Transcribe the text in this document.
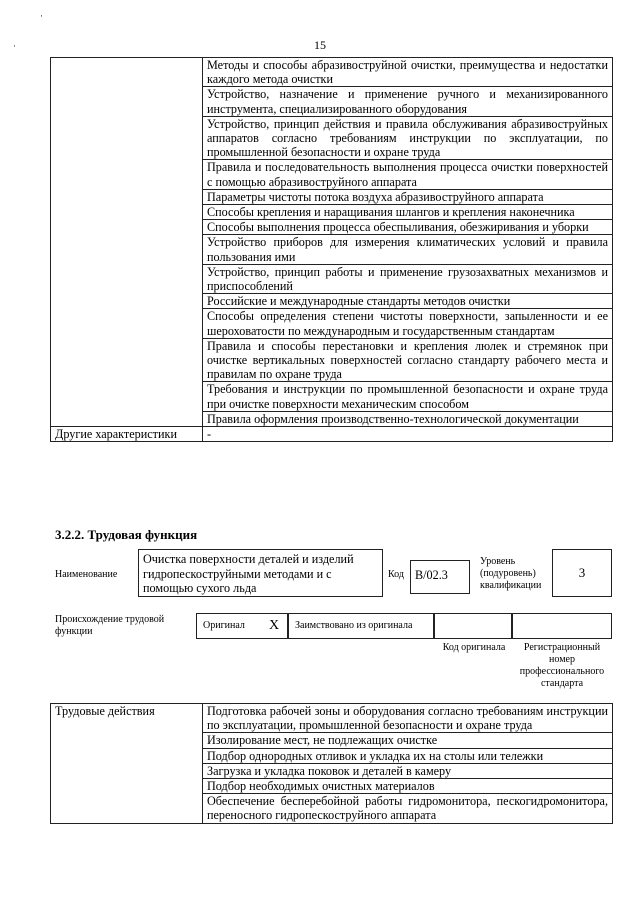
·
·	15
	Методы и способы абразивоструйной очистки, преимущества и недостатки каждого метода очистки
	Устройство, назначение и применение ручного и механизированного инструмента, специализированного оборудования
	Устройство, принцип действия и правила обслуживания абразивоструйных аппаратов согласно требованиям инструкции по эксплуатации, по промышленной безопасности и охране труда
	Правила и последовательность выполнения процесса очистки поверхностей с помощью абразивоструйного аппарата
	Параметры чистоты потока воздуха абразивоструйного аппарата
	Способы крепления и наращивания шлангов и крепления наконечника
	Способы выполнения процесса обеспыливания, обезжиривания и уборки
	Устройство приборов для измерения климатических условий и правила пользования ими
	Устройство, принцип работы и применение грузозахватных механизмов и приспособлений
	Российские и международные стандарты методов очистки
	Способы определения степени чистоты поверхности, запыленности и ее шероховатости по международным и государственным стандартам
	Правила и способы перестановки и крепления люлек и стремянок при очистке вертикальных поверхностей согласно стандарту рабочего места и правилам по охране труда
	Требования и инструкции по промышленной безопасности и охране труда при очистке поверхности механическим способом
	Правила оформления производственно-технологической документации
Другие характеристики	-
3.2.2. Трудовая функция
Наименование
Очистка поверхности деталей и изделий гидропескоструйными методами и с помощью сухого льда
Код В/02.3
Уровень (подуровень) квалификации
3
Происхождение трудовой функции
Оригинал X	Заимствовано из оригинала
Код оригинала	Регистрационный номер профессионального стандарта
Трудовые действия	Подготовка рабочей зоны и оборудования согласно требованиям инструкции по эксплуатации, промышленной безопасности и охране труда
Изолирование мест, не подлежащих очистке
Подбор однородных отливок и укладка их на столы или тележки
Загрузка и укладка поковок и деталей в камеру
Подбор необходимых очистных материалов
Обеспечение бесперебойной работы гидромонитора, пескогидромонитора, переносного гидропескоструйного аппарата
